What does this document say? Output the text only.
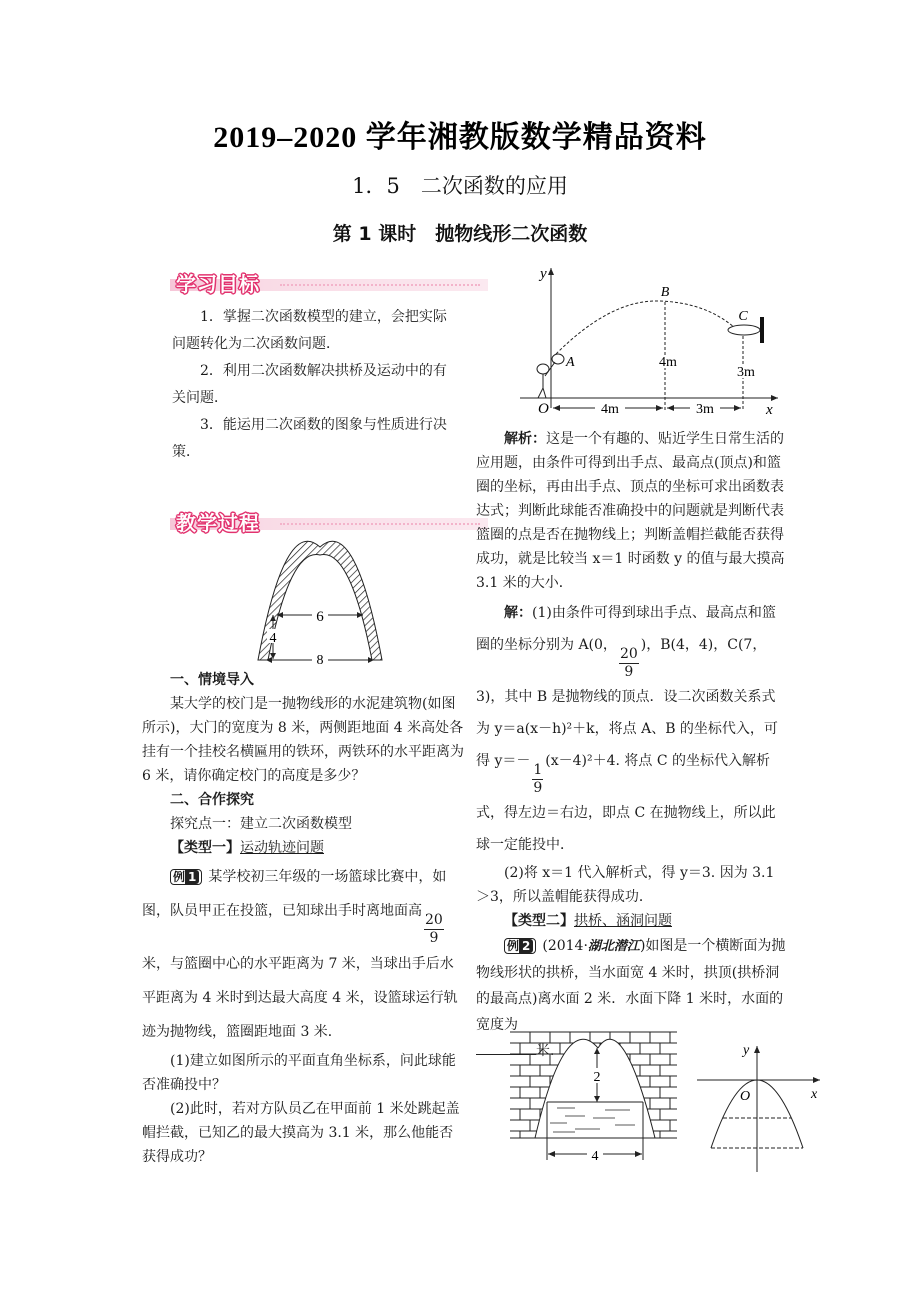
2019–2020 学年湘教版数学精品资料
1．5　二次函数的应用
第 1 课时　抛物线形二次函数
学习目标

1．掌握二次函数模型的建立，会把实际问题转化为二次函数问题．

2．利用二次函数解决拱桥及运动中的有关问题．

3．能运用二次函数的图象与性质进行决策．

教学过程
6
4
8

一、情境导入

某大学的校门是一抛物线形的水泥建筑物(如图所示)，大门的宽度为 8 米，两侧距地面 4 米高处各挂有一个挂校名横匾用的铁环，两铁环的水平距离为 6 米，请你确定校门的高度是多少？

二、合作探究

探究点一：建立二次函数模型

【类型一】运动轨迹问题

例 1 某学校初三年级的一场篮球比赛中，如图，队员甲正在投篮，已知球出手时离地面高
$\frac{20}{9}$
米，与篮圈中心的水平距离为 7 米，当球出手后水平距离为 4 米时到达最大高度 4 米，设篮球运行轨迹为抛物线，篮圈距地面 3 米．

(1)建立如图所示的平面直角坐标系，问此球能否准确投中？

(2)此时，若对方队员乙在甲面前 1 米处跳起盖帽拦截，已知乙的最大摸高为 3.1 米，那么他能否获得成功？

y
x
O
A
B
C
4m
3m
4m	3m

解析：这是一个有趣的、贴近学生日常生活的应用题，由条件可得到出手点、最高点(顶点)和篮圈的坐标，再由出手点、顶点的坐标可求出函数表达式；判断此球能否准确投中的问题就是判断代表篮圈的点是否在抛物线上；判断盖帽拦截能否获得成功，就是比较当 x＝1 时函数 y 的值与最大摸高 3.1 米的大小．

解：(1)由条件可得到球出手点、最高点和篮圈的坐标分别为 A(0，
$\frac{20}{9}$
)，B(4，4)，C(7，3)，其中 B 是抛物线的顶点．设二次函数关系式为 y＝a(x－h)²＋k，将点 A、B 的坐标代入，可得 y＝－
$\frac{1}{9}$
(x－4)²＋4. 将点 C 的坐标代入解析式，得左边＝右边，即点 C 在抛物线上，所以此球一定能投中．

(2)将 x＝1 代入解析式，得 y＝3. 因为 3.1＞3，所以盖帽能获得成功．

【类型二】拱桥、涵洞问题

例 2 (2014·湖北潜江)如图是一个横断面为抛物线形状的拱桥，当水面宽 4 米时，拱顶(拱桥洞的最高点)离水面 2 米．水面下降 1 米时，水面的宽度为
米．

2
4
y
x
O
